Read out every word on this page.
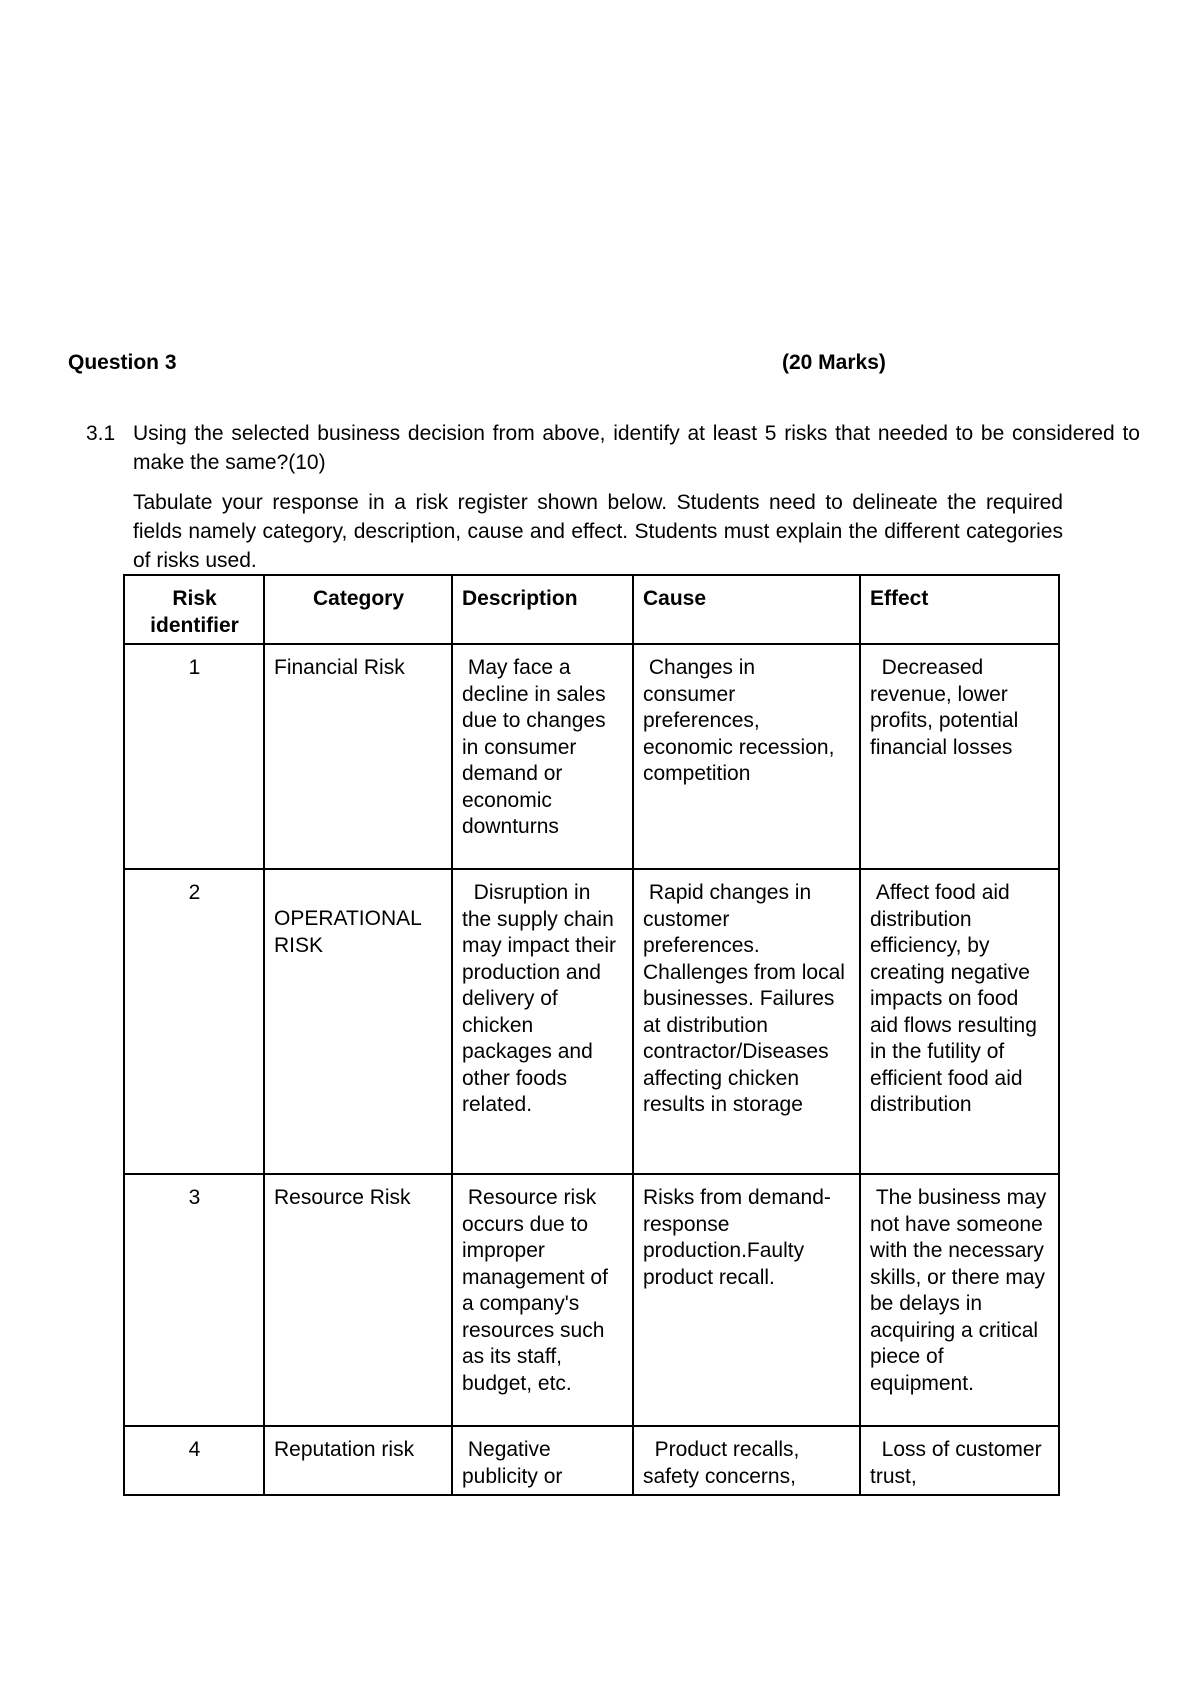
Question 3	(20 Marks)
3.1 Using the selected business decision from above, identify at least 5 risks that needed to be considered to make the same?(10)
Tabulate your response in a risk register shown below. Students need to delineate the required fields namely category, description, cause and effect. Students must explain the different categories of risks used.
Risk identifier	Category	Description	Cause	Effect
1	Financial Risk	May face a decline in sales due to changes in consumer demand or economic downturns	Changes in consumer preferences, economic recession, competition	Decreased revenue, lower profits, potential financial losses
2	OPERATIONAL RISK	Disruption in the supply chain may impact their production and delivery of chicken packages and other foods related.	Rapid changes in customer preferences. Challenges from local businesses. Failures at distribution contractor/Diseases affecting chicken results in storage	Affect food aid distribution efficiency, by creating negative impacts on food aid flows resulting in the futility of efficient food aid distribution
3	Resource Risk	Resource risk occurs due to improper management of a company's resources such as its staff, budget, etc.	Risks from demand-response production.Faulty product recall.	The business may not have someone with the necessary skills, or there may be delays in acquiring a critical piece of equipment.
4	Reputation risk	Negative publicity or	Product recalls, safety concerns,	Loss of customer trust,
